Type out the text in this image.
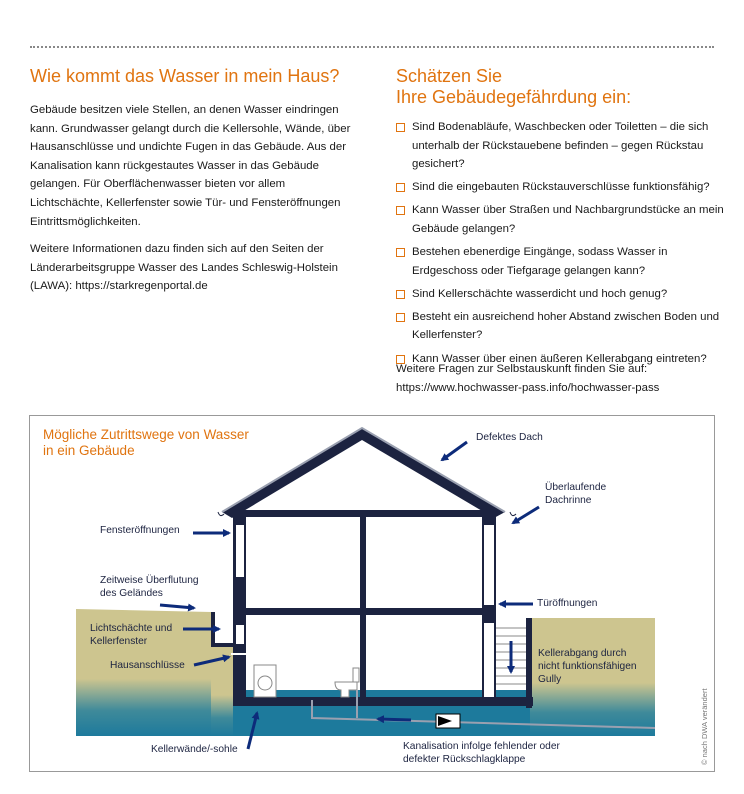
Wie kommt das Wasser in mein Haus?

Gebäude besitzen viele Stellen, an denen Wasser eindringen kann. Grundwasser gelangt durch die Kellersohle, Wände, über Hausanschlüsse und undichte Fugen in das Gebäude. Aus der Kanalisation kann rückgestautes Wasser in das Gebäude gelangen. Für Oberflächenwasser bieten vor allem Lichtschächte, Kellerfenster sowie Tür- und Fensteröffnungen Eintrittsmöglichkeiten.

Weitere Informationen dazu finden sich auf den Seiten der Länderarbeitsgruppe Wasser des Landes Schleswig-Holstein (LAWA): https://starkregenportal.de

Schätzen Sie
Ihre Gebäudegefährdung ein:
Sind Bodenabläufe, Waschbecken oder Toiletten – die sich unterhalb der Rückstauebene befinden – gegen Rückstau gesichert?
Sind die eingebauten Rückstauverschlüsse funktionsfähig?
Kann Wasser über Straßen und Nachbargrundstücke an mein Gebäude gelangen?
Bestehen ebenerdige Eingänge, sodass Wasser in Erdgeschoss oder Tiefgarage gelangen kann?
Sind Kellerschächte wasserdicht und hoch genug?
Besteht ein ausreichend hoher Abstand zwischen Boden und Kellerfenster?
Kann Wasser über einen äußeren Kellerabgang eintreten?

Weitere Fragen zur Selbstauskunft finden Sie auf: https://www.hochwasser-pass.info/hochwasser-pass

Mögliche Zutrittswege von Wasser
in ein Gebäude
Defektes Dach
Überlaufende Dachrinne
Fensteröffnungen
Zeitweise Überflutung des Geländes
Lichtschächte und Kellerfenster
Hausanschlüsse
Türöffnungen
Kellerabgang durch nicht funktionsfähigen Gully
Kellerwände/-sohle	Kanalisation infolge fehlender oder defekter Rückschlagklappe	© nach DWA verändert
